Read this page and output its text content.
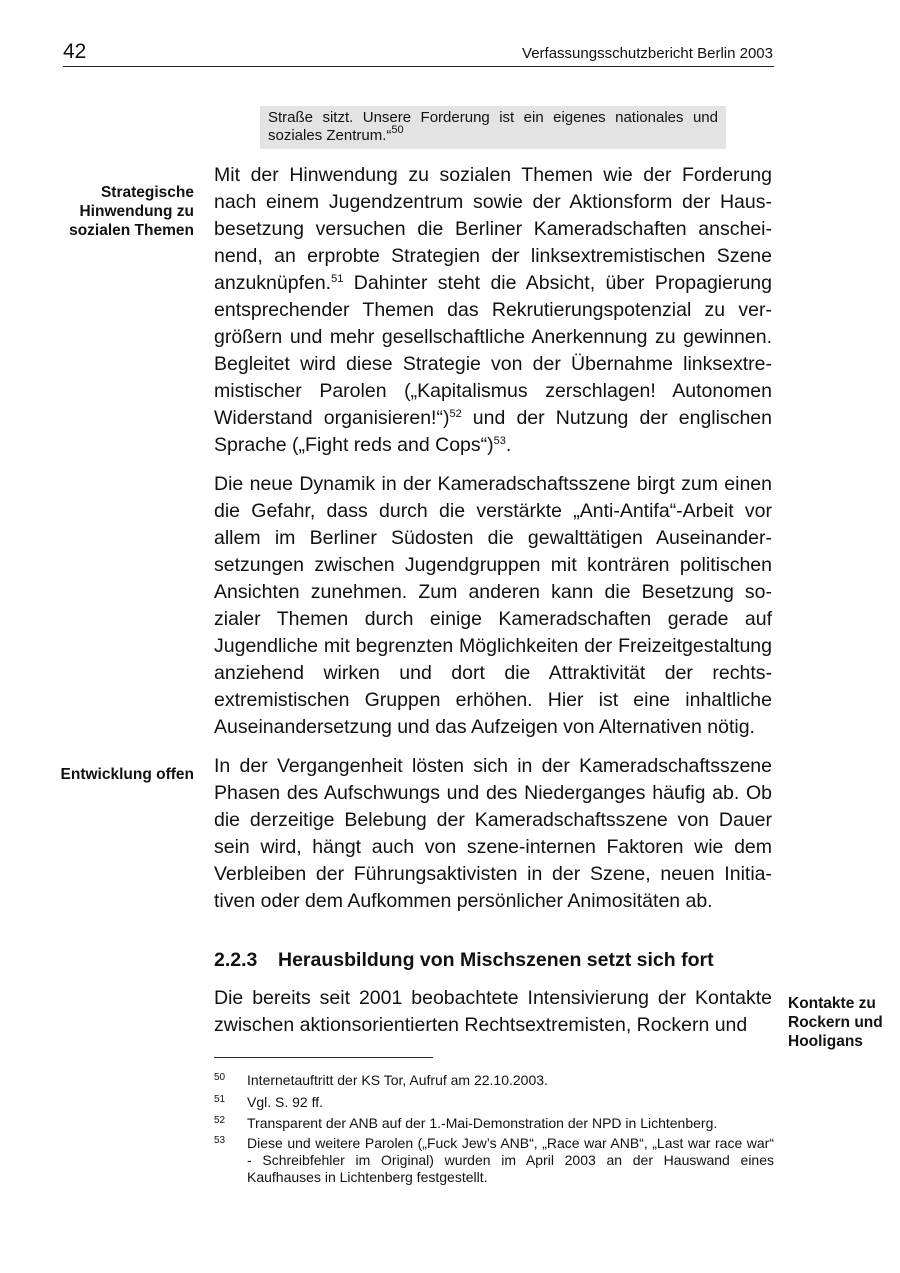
42	Verfassungsschutzbericht Berlin 2003

Straße sitzt. Unsere Forderung ist ein eigenes nationales und soziales Zentrum.“$^{50}$

Strategische
Hinwendung zu
sozialen Themen

Mit der Hinwendung zu sozialen Themen wie der Forderung nach einem Jugendzentrum sowie der Aktionsform der Hausbesetzung versuchen die Berliner Kameradschaften anscheinend, an erprobte Strategien der linksextremistischen Szene anzuknüpfen.$^{51}$ Dahinter steht die Absicht, über Propagierung entsprechender Themen das Rekrutierungspotenzial zu vergrößern und mehr gesellschaftliche Anerkennung zu gewinnen. Begleitet wird diese Strategie von der Übernahme linksextremistischer Parolen („Kapitalismus zerschlagen! Autonomen Widerstand organisieren!“)$^{52}$ und der Nutzung der englischen Sprache („Fight reds and Cops“)$^{53}$.

Die neue Dynamik in der Kameradschaftsszene birgt zum einen die Gefahr, dass durch die verstärkte „Anti-Antifa“-Arbeit vor allem im Berliner Südosten die gewalttätigen Auseinandersetzungen zwischen Jugendgruppen mit konträren politischen Ansichten zunehmen. Zum anderen kann die Besetzung sozialer Themen durch einige Kameradschaften gerade auf Jugendliche mit begrenzten Möglichkeiten der Freizeitgestaltung anziehend wirken und dort die Attraktivität der rechtsextremistischen Gruppen erhöhen. Hier ist eine inhaltliche Auseinandersetzung und das Aufzeigen von Alternativen nötig.

Entwicklung offen In der Vergangenheit lösten sich in der Kameradschaftsszene Phasen des Aufschwungs und des Niederganges häufig ab. Ob die derzeitige Belebung der Kameradschaftsszene von Dauer sein wird, hängt auch von szene-internen Faktoren wie dem Verbleiben der Führungsaktivisten in der Szene, neuen Initiativen oder dem Aufkommen persönlicher Animositäten ab.

2.2.3 Herausbildung von Mischszenen setzt sich fort

Die bereits seit 2001 beobachtete Intensivierung der Kontakte zwischen aktionsorientierten Rechtsextremisten, Rockern und

Kontakte zu
Rockern und
Hooligans
50 Internetauftritt der KS Tor, Aufruf am 22.10.2003.
51 Vgl. S. 92 ff.
52 Transparent der ANB auf der 1.-Mai-Demonstration der NPD in Lichtenberg.
53 Diese und weitere Parolen („Fuck Jew’s ANB“, „Race war ANB“, „Last war race war“ - Schreibfehler im Original) wurden im April 2003 an der Hauswand eines Kaufhauses in Lichtenberg festgestellt.
